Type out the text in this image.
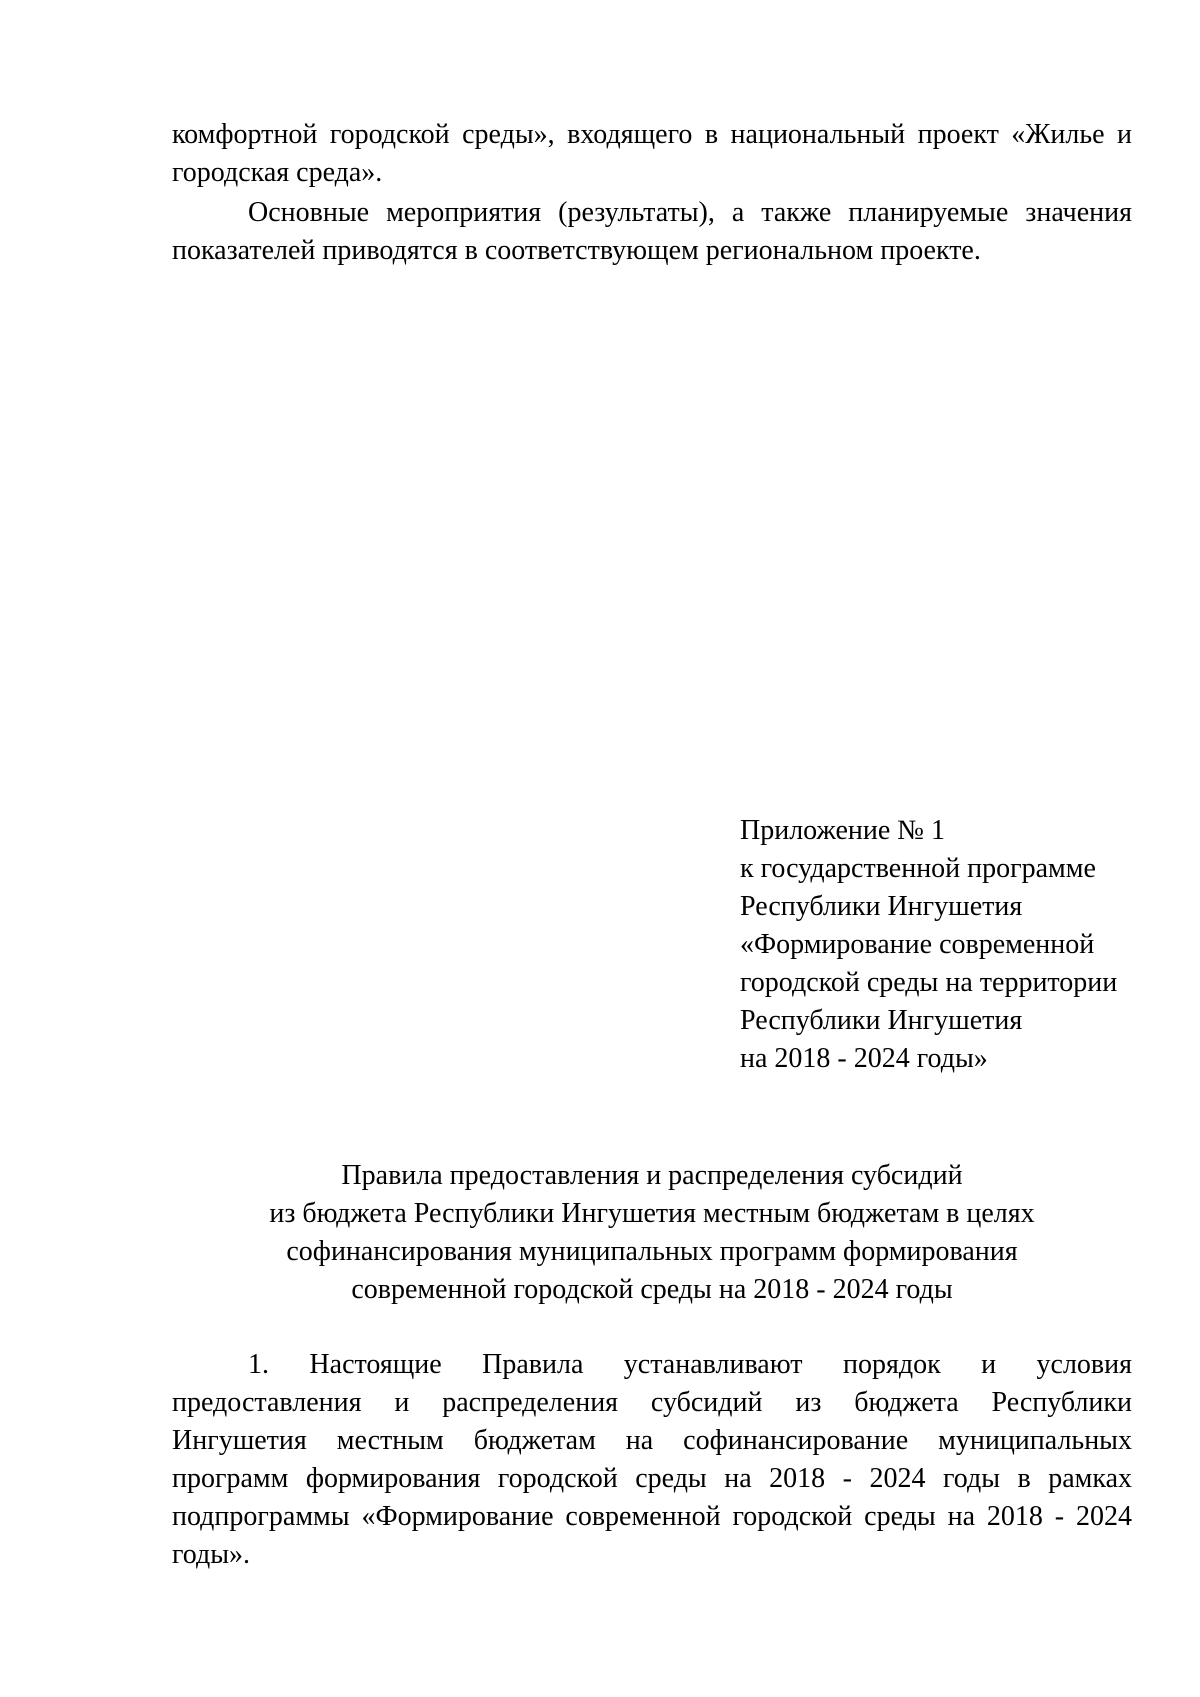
комфортной городской среды», входящего в национальный проект «Жилье и
городская среда».
Основные мероприятия (результаты), а также планируемые значения
показателей приводятся в соответствующем региональном проекте.
Приложение № 1
к государственной программе
Республики Ингушетия
«Формирование современной
городской среды на территории
Республики Ингушетия
на 2018 - 2024 годы»
Правила предоставления и распределения субсидий
из бюджета Республики Ингушетия местным бюджетам в целях
софинансирования муниципальных программ формирования
современной городской среды на 2018 - 2024 годы
1. Настоящие Правила устанавливают порядок и условия
предоставления и распределения субсидий из бюджета Республики
Ингушетия местным бюджетам на софинансирование муниципальных
программ формирования городской среды на 2018 - 2024 годы в рамках
подпрограммы «Формирование современной городской среды на 2018 - 2024
годы».
